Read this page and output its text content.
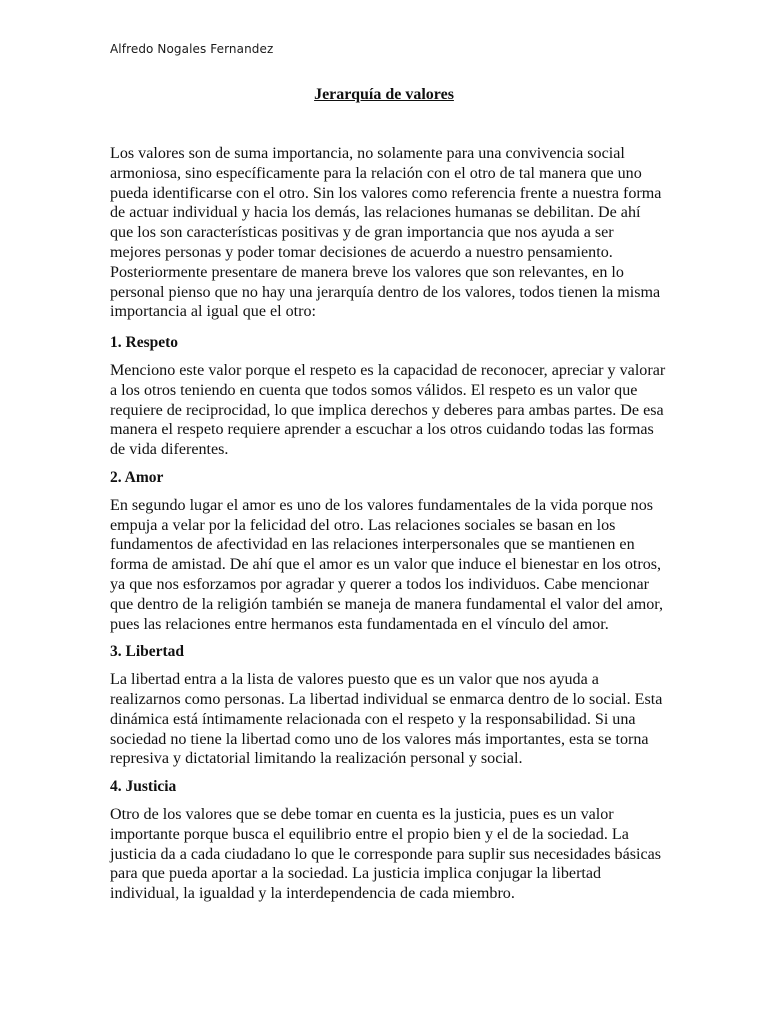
Alfredo Nogales Fernandez
Jerarquía de valores

Los valores son de suma importancia, no solamente para una convivencia social armoniosa, sino específicamente para la relación con el otro de tal manera que uno pueda identificarse con el otro. Sin los valores como referencia frente a nuestra forma de actuar individual y hacia los demás, las relaciones humanas se debilitan. De ahí que los son características positivas y de gran importancia que nos ayuda a ser mejores personas y poder tomar decisiones de acuerdo a nuestro pensamiento. Posteriormente presentare de manera breve los valores que son relevantes, en lo personal pienso que no hay una jerarquía dentro de los valores, todos tienen la misma importancia al igual que el otro:

1. Respeto

Menciono este valor porque el respeto es la capacidad de reconocer, apreciar y valorar a los otros teniendo en cuenta que todos somos válidos. El respeto es un valor que requiere de reciprocidad, lo que implica derechos y deberes para ambas partes. De esa manera el respeto requiere aprender a escuchar a los otros cuidando todas las formas de vida diferentes.

2. Amor

En segundo lugar el amor es uno de los valores fundamentales de la vida porque nos empuja a velar por la felicidad del otro. Las relaciones sociales se basan en los fundamentos de afectividad en las relaciones interpersonales que se mantienen en forma de amistad. De ahí que el amor es un valor que induce el bienestar en los otros, ya que nos esforzamos por agradar y querer a todos los individuos. Cabe mencionar que dentro de la religión también se maneja de manera fundamental el valor del amor, pues las relaciones entre hermanos esta fundamentada en el vínculo del amor.

3. Libertad

La libertad entra a la lista de valores puesto que es un valor que nos ayuda a realizarnos como personas. La libertad individual se enmarca dentro de lo social. Esta dinámica está íntimamente relacionada con el respeto y la responsabilidad. Si una sociedad no tiene la libertad como uno de los valores más importantes, esta se torna represiva y dictatorial limitando la realización personal y social.

4. Justicia

Otro de los valores que se debe tomar en cuenta es la justicia, pues es un valor importante porque busca el equilibrio entre el propio bien y el de la sociedad. La justicia da a cada ciudadano lo que le corresponde para suplir sus necesidades básicas para que pueda aportar a la sociedad. La justicia implica conjugar la libertad individual, la igualdad y la interdependencia de cada miembro.
